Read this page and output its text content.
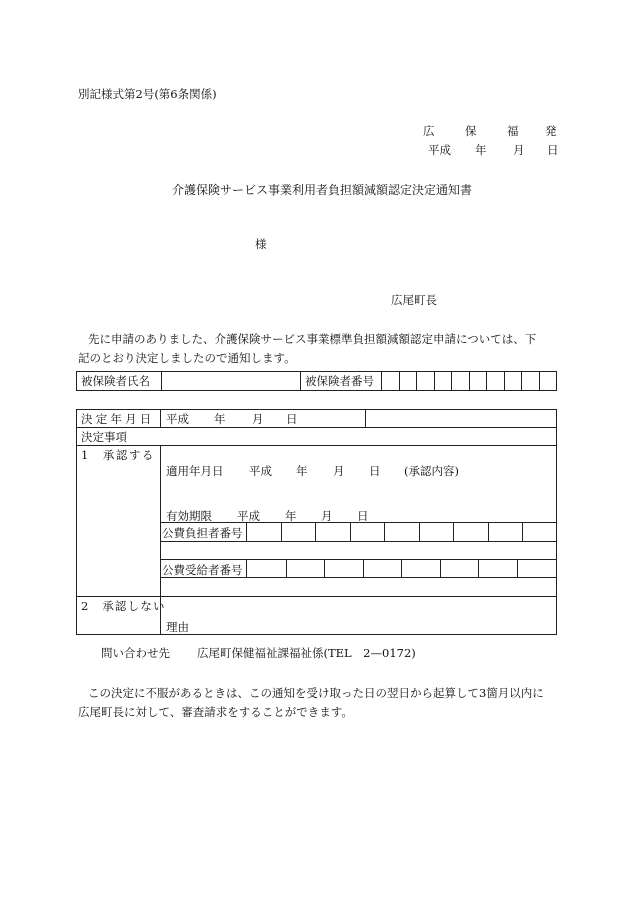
別記様式第2号(第6条関係)
広	保	福 発
平成 年 月 日
介護保険サービス事業利用者負担額減額認定決定通知書
様
広尾町長
先に申請のありました、介護保険サービス事業標準負担額減額認定申請については、下
記のとおり決定しましたので通知します。
被保険者氏名		被保険者番号										
決定年月日 平成 年 月 日
決定事項
1　承認する
適用年月日 平成 年 月 日 (承認内容)
有効期限 平成 年 月 日
公費負担者番号
公費受給者番号
2　承認しない
理由
問い合わせ先 広尾町保健福祉課福祉係(TEL　2—0172)
この決定に不服があるときは、この通知を受け取った日の翌日から起算して3箇月以内に
広尾町長に対して、審査請求をすることができます。
